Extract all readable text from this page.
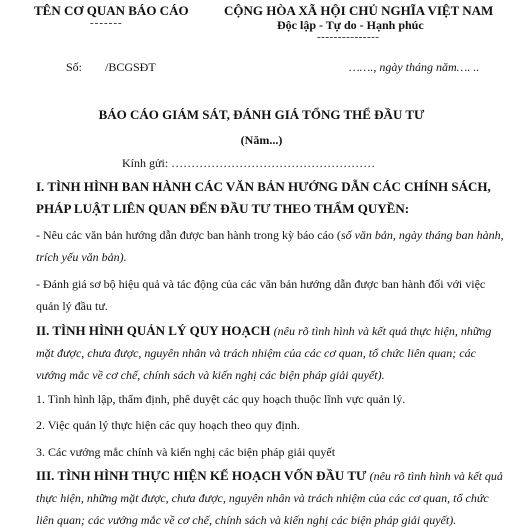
TÊN CƠ QUAN BÁO CÁO
-------
CỘNG HÒA XÃ HỘI CHỦ NGHĨA VIỆT NAM
Độc lập - Tự do - Hạnh phúc
---------------
Số: /BCGSĐT	……., ngày tháng năm…. ..
BÁO CÁO GIÁM SÁT, ĐÁNH GIÁ TỔNG THỂ ĐẦU TƯ
(Năm...)
Kính gửi: ……………………………………………
I. TÌNH HÌNH BAN HÀNH CÁC VĂN BẢN HƯỚNG DẪN CÁC CHÍNH SÁCH, PHÁP LUẬT LIÊN QUAN ĐẾN ĐẦU TƯ THEO THẨM QUYỀN:
- Nêu các văn bản hướng dẫn được ban hành trong kỳ báo cáo (số văn bản, ngày tháng ban hành, trích yếu văn bản).
- Đánh giá sơ bộ hiệu quả và tác động của các văn bản hướng dẫn được ban hành đối với việc quản lý đầu tư.
II. TÌNH HÌNH QUẢN LÝ QUY HOẠCH (nêu rõ tình hình và kết quả thực hiện, những mặt được, chưa được, nguyên nhân và trách nhiệm của các cơ quan, tổ chức liên quan; các vướng mắc về cơ chế, chính sách và kiến nghị các biện pháp giải quyết).
1. Tình hình lập, thẩm định, phê duyệt các quy hoạch thuộc lĩnh vực quản lý.
2. Việc quản lý thực hiện các quy hoạch theo quy định.
3. Các vướng mắc chính và kiến nghị các biện pháp giải quyết
III. TÌNH HÌNH THỰC HIỆN KẾ HOẠCH VỐN ĐẦU TƯ (nêu rõ tình hình và kết quả thực hiện, những mặt được, chưa được, nguyên nhân và trách nhiệm của các cơ quan, tổ chức liên quan; các vướng mắc về cơ chế, chính sách và kiến nghị các biện pháp giải quyết).
